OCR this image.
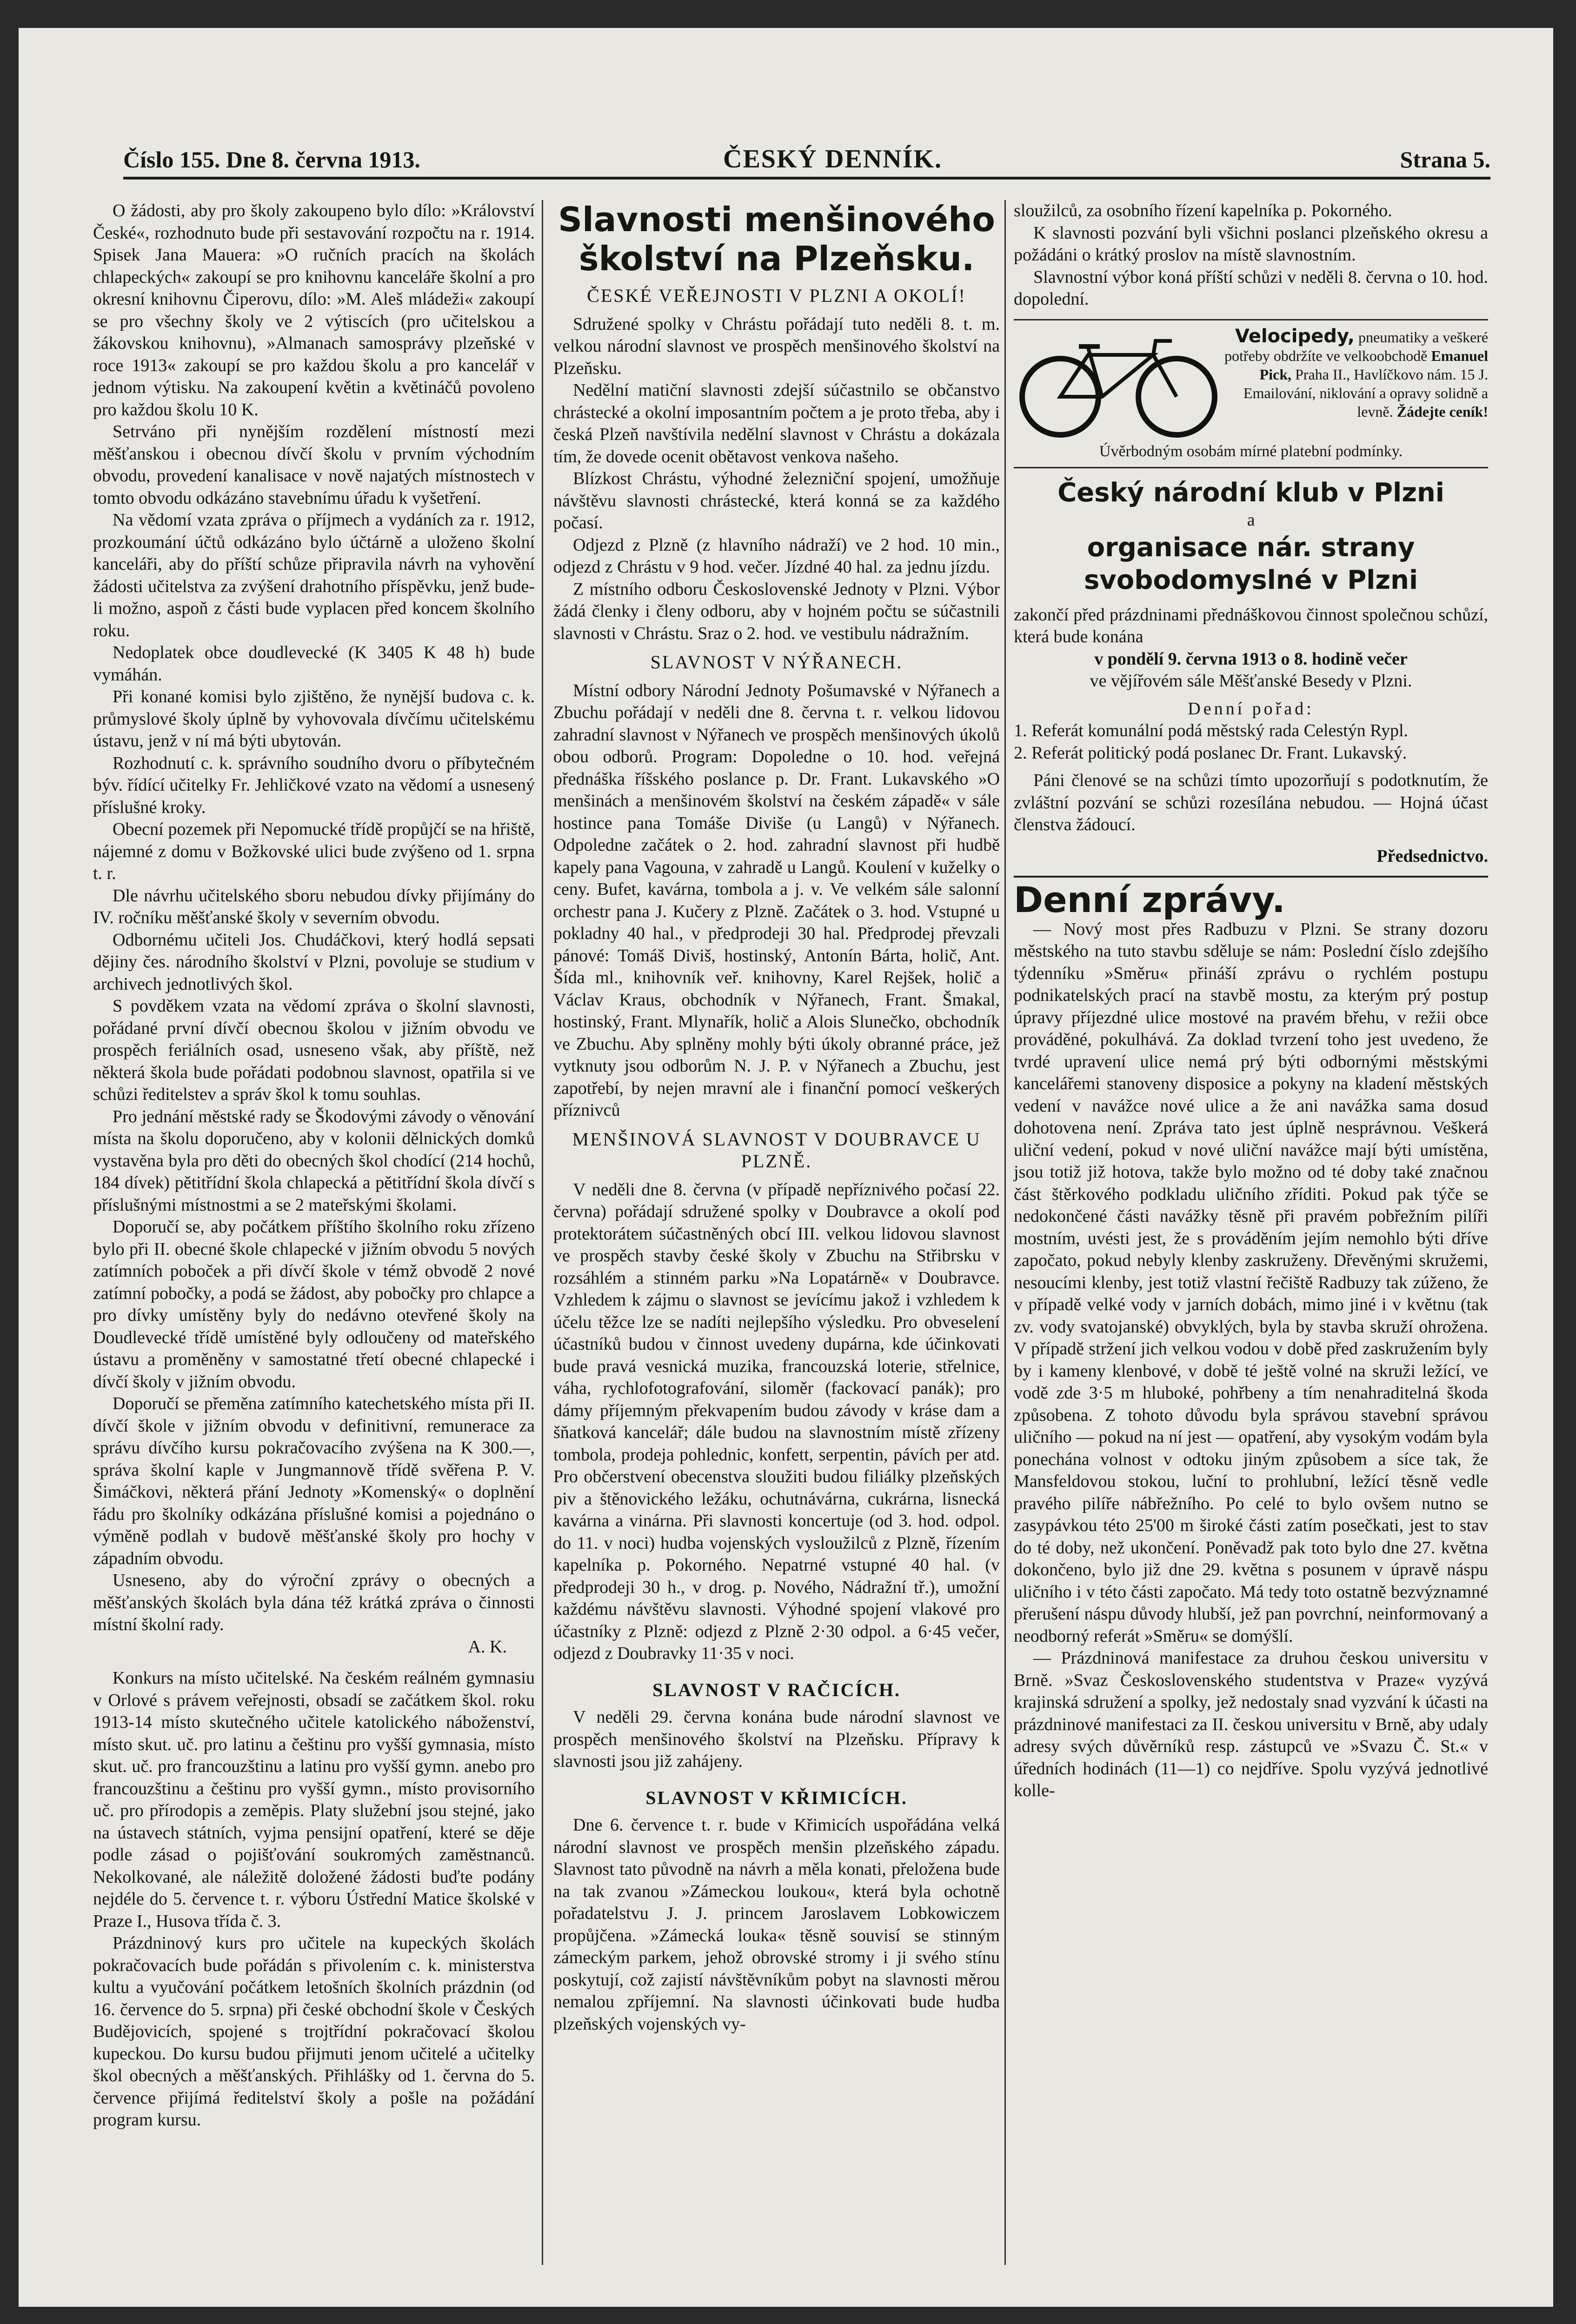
Číslo 155. Dne 8. června 1913.	ČESKÝ DENNÍK.	Strana 5.

O žádosti, aby pro školy zakoupeno bylo dílo: »Království České«, rozhodnuto bude při sestavování rozpočtu na r. 1914. Spisek Jana Mauera: »O ručních pracích na školách chlapeckých« zakoupí se pro knihovnu kanceláře školní a pro okresní knihovnu Čiperovu, dílo: »M. Aleš mládeži« zakoupí se pro všechny školy ve 2 výtiscích (pro učitelskou a žákovskou knihovnu), »Almanach samosprávy plzeňské v roce 1913« zakoupí se pro každou školu a pro kancelář v jednom výtisku. Na zakoupení květin a květináčů povoleno pro každou školu 10 K.

Setrváno při nynějším rozdělení místností mezi měšťanskou i obecnou dívčí školu v prvním východním obvodu, provedení kanalisace v nově najatých místnostech v tomto obvodu odkázáno stavebnímu úřadu k vyšetření.

Na vědomí vzata zpráva o příjmech a vydáních za r. 1912, prozkoumání účtů odkázáno bylo účtárně a uloženo školní kanceláři, aby do příští schůze připravila návrh na vyhovění žádosti učitelstva za zvýšení drahotního příspěvku, jenž bude-li možno, aspoň z části bude vyplacen před koncem školního roku.

Nedoplatek obce doudlevecké (K 3405 K 48 h) bude vymáhán.

Při konané komisi bylo zjištěno, že nynější budova c. k. průmyslové školy úplně by vyhovovala dívčímu učitelskému ústavu, jenž v ní má býti ubytován.

Rozhodnutí c. k. správního soudního dvoru o příbytečném býv. řídící učitelky Fr. Jehličkové vzato na vědomí a usnesený příslušné kroky.

Obecní pozemek při Nepomucké třídě propůjčí se na hřiště, nájemné z domu v Božkovské ulici bude zvýšeno od 1. srpna t. r.

Dle návrhu učitelského sboru nebudou dívky přijímány do IV. ročníku měšťanské školy v severním obvodu.

Odbornému učiteli Jos. Chudáčkovi, který hodlá sepsati dějiny čes. národního školství v Plzni, povoluje se studium v archivech jednotlivých škol.

S povděkem vzata na vědomí zpráva o školní slavnosti, pořádané první dívčí obecnou školou v jižním obvodu ve prospěch feriálních osad, usneseno však, aby příště, než některá škola bude pořádati podobnou slavnost, opatřila si ve schůzi ředitelstev a správ škol k tomu souhlas.

Pro jednání městské rady se Škodovými závody o věnování místa na školu doporučeno, aby v kolonii dělnických domků vystavěna byla pro děti do obecných škol chodící (214 hochů, 184 dívek) pětitřídní škola chlapecká a pětitřídní škola dívčí s příslušnými místnostmi a se 2 mateřskými školami.

Doporučí se, aby počátkem příštího školního roku zřízeno bylo při II. obecné škole chlapecké v jižním obvodu 5 nových zatímních poboček a při dívčí škole v témž obvodě 2 nové zatímní pobočky, a podá se žádost, aby pobočky pro chlapce a pro dívky umístěny byly do nedávno otevřené školy na Doudlevecké třídě umístěné byly odloučeny od mateřského ústavu a proměněny v samostatné třetí obecné chlapecké i dívčí školy v jižním obvodu.

Doporučí se přeměna zatímního katechetského místa při II. dívčí škole v jižním obvodu v definitivní, remunerace za správu dívčího kursu pokračovacího zvýšena na K 300.—, správa školní kaple v Jungmannově třídě svěřena P. V. Šimáčkovi, některá přání Jednoty »Komenský« o doplnění řádu pro školníky odkázána příslušné komisi a pojednáno o výměně podlah v budově měšťanské školy pro hochy v západním obvodu.

Usneseno, aby do výroční zprávy o obecných a měšťanských školách byla dána též krátká zpráva o činnosti místní školní rady.

A. K.

Konkurs na místo učitelské. Na českém reálném gymnasiu v Orlové s právem veřejnosti, obsadí se začátkem škol. roku 1913-14 místo skutečného učitele katolického náboženství, místo skut. uč. pro latinu a češtinu pro vyšší gymnasia, místo skut. uč. pro francouzštinu a latinu pro vyšší gymn. anebo pro francouzštinu a češtinu pro vyšší gymn., místo provisorního uč. pro přírodopis a zeměpis. Platy služební jsou stejné, jako na ústavech státních, vyjma pensijní opatření, které se děje podle zásad o pojišťování soukromých zaměstnanců. Nekolkované, ale náležitě doložené žádosti buďte podány nejdéle do 5. července t. r. výboru Ústřední Matice školské v Praze I., Husova třída č. 3.

Prázdninový kurs pro učitele na kupeckých školách pokračovacích bude pořádán s přivolením c. k. ministerstva kultu a vyučování počátkem letošních školních prázdnin (od 16. července do 5. srpna) při české obchodní škole v Českých Budějovicích, spojené s trojtřídní pokračovací školou kupeckou. Do kursu budou přijmuti jenom učitelé a učitelky škol obecných a měšťanských. Přihlášky od 1. června do 5. července přijímá ředitelství školy a pošle na požádání program kursu.

Slavnosti menšinového školství na Plzeňsku.
ČESKÉ VEŘEJNOSTI V PLZNI A OKOLÍ!

Sdružené spolky v Chrástu pořádají tuto neděli 8. t. m. velkou národní slavnost ve prospěch menšinového školství na Plzeňsku.

Nedělní matiční slavnosti zdejší súčastnilo se občanstvo chrástecké a okolní imposantním počtem a je proto třeba, aby i česká Plzeň navštívila nedělní slavnost v Chrástu a dokázala tím, že dovede ocenit obětavost venkova našeho.

Blízkost Chrástu, výhodné železniční spojení, umožňuje návštěvu slavnosti chrástecké, která konná se za každého počasí.

Odjezd z Plzně (z hlavního nádraží) ve 2 hod. 10 min., odjezd z Chrástu v 9 hod. večer. Jízdné 40 hal. za jednu jízdu.

Z místního odboru Československé Jednoty v Plzni. Výbor žádá členky i členy odboru, aby v hojném počtu se súčastnili slavnosti v Chrástu. Sraz o 2. hod. ve vestibulu nádražním.

SLAVNOST V NÝŘANECH.

Místní odbory Národní Jednoty Pošumavské v Nýřanech a Zbuchu pořádají v neděli dne 8. června t. r. velkou lidovou zahradní slavnost v Nýřanech ve prospěch menšinových úkolů obou odborů. Program: Dopoledne o 10. hod. veřejná přednáška říšského poslance p. Dr. Frant. Lukavského »O menšinách a menšinovém školství na českém západě« v sále hostince pana Tomáše Diviše (u Langů) v Nýřanech. Odpoledne začátek o 2. hod. zahradní slavnost při hudbě kapely pana Vagouna, v zahradě u Langů. Koulení v kuželky o ceny. Bufet, kavárna, tombola a j. v. Ve velkém sále salonní orchestr pana J. Kučery z Plzně. Začátek o 3. hod. Vstupné u pokladny 40 hal., v předprodeji 30 hal. Předprodej převzali pánové: Tomáš Diviš, hostinský, Antonín Bárta, holič, Ant. Šída ml., knihovník veř. knihovny, Karel Rejšek, holič a Václav Kraus, obchodník v Nýřanech, Frant. Šmakal, hostinský, Frant. Mlynařík, holič a Alois Slunečko, obchodník ve Zbuchu. Aby splněny mohly býti úkoly obranné práce, jež vytknuty jsou odborům N. J. P. v Nýřanech a Zbuchu, jest zapotřebí, by nejen mravní ale i finanční pomocí veškerých příznivců

MENŠINOVÁ SLAVNOST V DOUBRAVCE U PLZNĚ.

V neděli dne 8. června (v případě nepříznivého počasí 22. června) pořádají sdružené spolky v Doubravce a okolí pod protektorátem súčastněných obcí III. velkou lidovou slavnost ve prospěch stavby české školy v Zbuchu na Střibrsku v rozsáhlém a stinném parku »Na Lopatárně« v Doubravce. Vzhledem k zájmu o slavnost se jevícímu jakož i vzhledem k účelu těžce lze se nadíti nejlepšího výsledku. Pro obveselení účastníků budou v činnost uvedeny dupárna, kde účinkovati bude pravá vesnická muzika, francouzská loterie, střelnice, váha, rychlofotografování, siloměr (fackovací panák); pro dámy příjemným překvapením budou závody v kráse dam a šňatková kancelář; dále budou na slavnostním místě zřízeny tombola, prodeja pohlednic, konfett, serpentin, pávích per atd. Pro občerstvení obecenstva sloužiti budou filiálky plzeňských piv a štěnovického ležáku, ochutnávárna, cukrárna, lisnecká kavárna a vinárna. Při slavnosti koncertuje (od 3. hod. odpol. do 11. v noci) hudba vojenských vysloužilců z Plzně, řízením kapelníka p. Pokorného. Nepatrné vstupné 40 hal. (v předprodeji 30 h., v drog. p. Nového, Nádražní tř.), umožní každému návštěvu slavnosti. Výhodné spojení vlakové pro účastníky z Plzně: odjezd z Plzně 2·30 odpol. a 6·45 večer, odjezd z Doubravky 11·35 v noci.

SLAVNOST V RAČICÍCH.

V neděli 29. června konána bude národní slavnost ve prospěch menšinového školství na Plzeňsku. Přípravy k slavnosti jsou již zahájeny.

SLAVNOST V KŘIMICÍCH.

Dne 6. července t. r. bude v Křimicích uspořádána velká národní slavnost ve prospěch menšin plzeňského západu. Slavnost tato původně na návrh a měla konati, přeložena bude na tak zvanou »Zámeckou loukou«, která byla ochotně pořadatelstvu J. J. princem Jaroslavem Lobkowiczem propůjčena. »Zámecká louka« těsně souvisí se stinným zámeckým parkem, jehož obrovské stromy i ji svého stínu poskytují, což zajistí návštěvníkům pobyt na slavnosti měrou nemalou zpříjemní. Na slavnosti účinkovati bude hudba plzeňských vojenských vy-

sloužilců, za osobního řízení kapelníka p. Pokorného.

K slavnosti pozvání byli všichni poslanci plzeňského okresu a požádáni o krátký proslov na místě slavnostním.

Slavnostní výbor koná příští schůzi v neděli 8. června o 10. hod. dopolední.

Velocipedy, pneumatiky a veškeré potřeby obdržíte ve velkoobchodě Emanuel Pick, Praha II., Havlíčkovo nám. 15 J. Emailování, niklování a opravy solidně a levně. Žádejte ceník!
Úvěrbodným osobám mírné platební podmínky.
Český národní klub v Plzni
a
organisace nár. strany svobodomyslné v Plzni

zakončí před prázdninami přednáškovou činnost společnou schůzí, která bude konána

v pondělí 9. června 1913 o 8. hodině večer

ve vějířovém sále Měšťanské Besedy v Plzni.

Denní pořad:

1. Referát komunální podá městský rada Celestýn Rypl.

2. Referát politický podá poslanec Dr. Frant. Lukavský.

Páni členové se na schůzi tímto upozorňují s podotknutím, že zvláštní pozvání se schůzi rozesílána nebudou. — Hojná účast členstva žádoucí.

Předsednictvo.
Denní zprávy.

— Nový most přes Radbuzu v Plzni. Se strany dozoru městského na tuto stavbu sděluje se nám: Poslední číslo zdejšího týdenníku »Směru« přináší zprávu o rychlém postupu podnikatelských prací na stavbě mostu, za kterým prý postup úpravy příjezdné ulice mostové na pravém břehu, v režii obce prováděné, pokulhává. Za doklad tvrzení toho jest uvedeno, že tvrdé upravení ulice nemá prý býti odbornými městskými kancelářemi stanoveny disposice a pokyny na kladení městských vedení v navážce nové ulice a že ani navážka sama dosud dohotovena není. Zpráva tato jest úplně nesprávnou. Veškerá uliční vedení, pokud v nové uliční navážce mají býti umístěna, jsou totiž již hotova, takže bylo možno od té doby také značnou část štěrkového podkladu uličního zříditi. Pokud pak týče se nedokončené části navážky těsně při pravém pobřežním pilíři mostním, uvésti jest, že s prováděním jejím nemohlo býti dříve započato, pokud nebyly klenby zaskruženy. Dřevěnými skružemi, nesoucími klenby, jest totiž vlastní řečiště Radbuzy tak zúženo, že v případě velké vody v jarních dobách, mimo jiné i v květnu (tak zv. vody svatojanské) obvyklých, byla by stavba skruží ohrožena. V případě stržení jich velkou vodou v době před zaskružením byly by i kameny klenbové, v době té ještě volné na skruži ležící, ve vodě zde 3·5 m hluboké, pohřbeny a tím nenahraditelná škoda způsobena. Z tohoto důvodu byla správou stavební správou uličního — pokud na ní jest — opatření, aby vysokým vodám byla ponechána volnost v odtoku jiným způsobem a síce tak, že Mansfeldovou stokou, luční to prohlubní, ležící těsně vedle pravého pilíře nábřežního. Po celé to bylo ovšem nutno se zasypávkou této 25'00 m široké části zatím posečkati, jest to stav do té doby, než ukončení. Poněvadž pak toto bylo dne 27. května dokončeno, bylo již dne 29. května s posunem v úpravě náspu uličního i v této části započato. Má tedy toto ostatně bezvýznamné přerušení náspu důvody hlubší, jež pan povrchní, neinformovaný a neodborný referát »Směru« se domýšlí.

— Prázdninová manifestace za druhou českou universitu v Brně. »Svaz Československého studentstva v Praze« vyzývá krajinská sdružení a spolky, jež nedostaly snad vyzvání k účasti na prázdninové manifestaci za II. českou universitu v Brně, aby udaly adresy svých důvěrníků resp. zástupců ve »Svazu Č. St.« v úředních hodinách (11—1) co nejdříve. Spolu vyzývá jednotlivé kolle-
